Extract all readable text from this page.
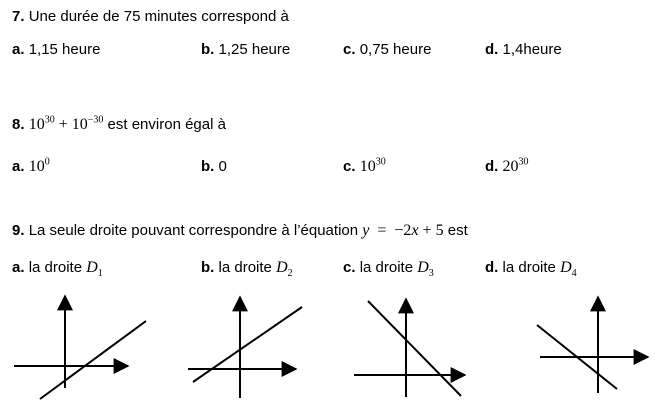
7. Une durée de 75 minutes correspond à
a. 1,15 heure	b. 1,25 heure	c. 0,75 heure	d. 1,4heure
8. $10^{30} + 10^{-30}$ est environ égal à
a. $10^0$	b. 0	c. $10^{30}$	d. $20^{30}$
9. La seule droite pouvant correspondre à l’équation y = −2x + 5 est
a. la droite $D_1$	b. la droite $D_2$	c. la droite $D_3$	d. la droite $D_4$
